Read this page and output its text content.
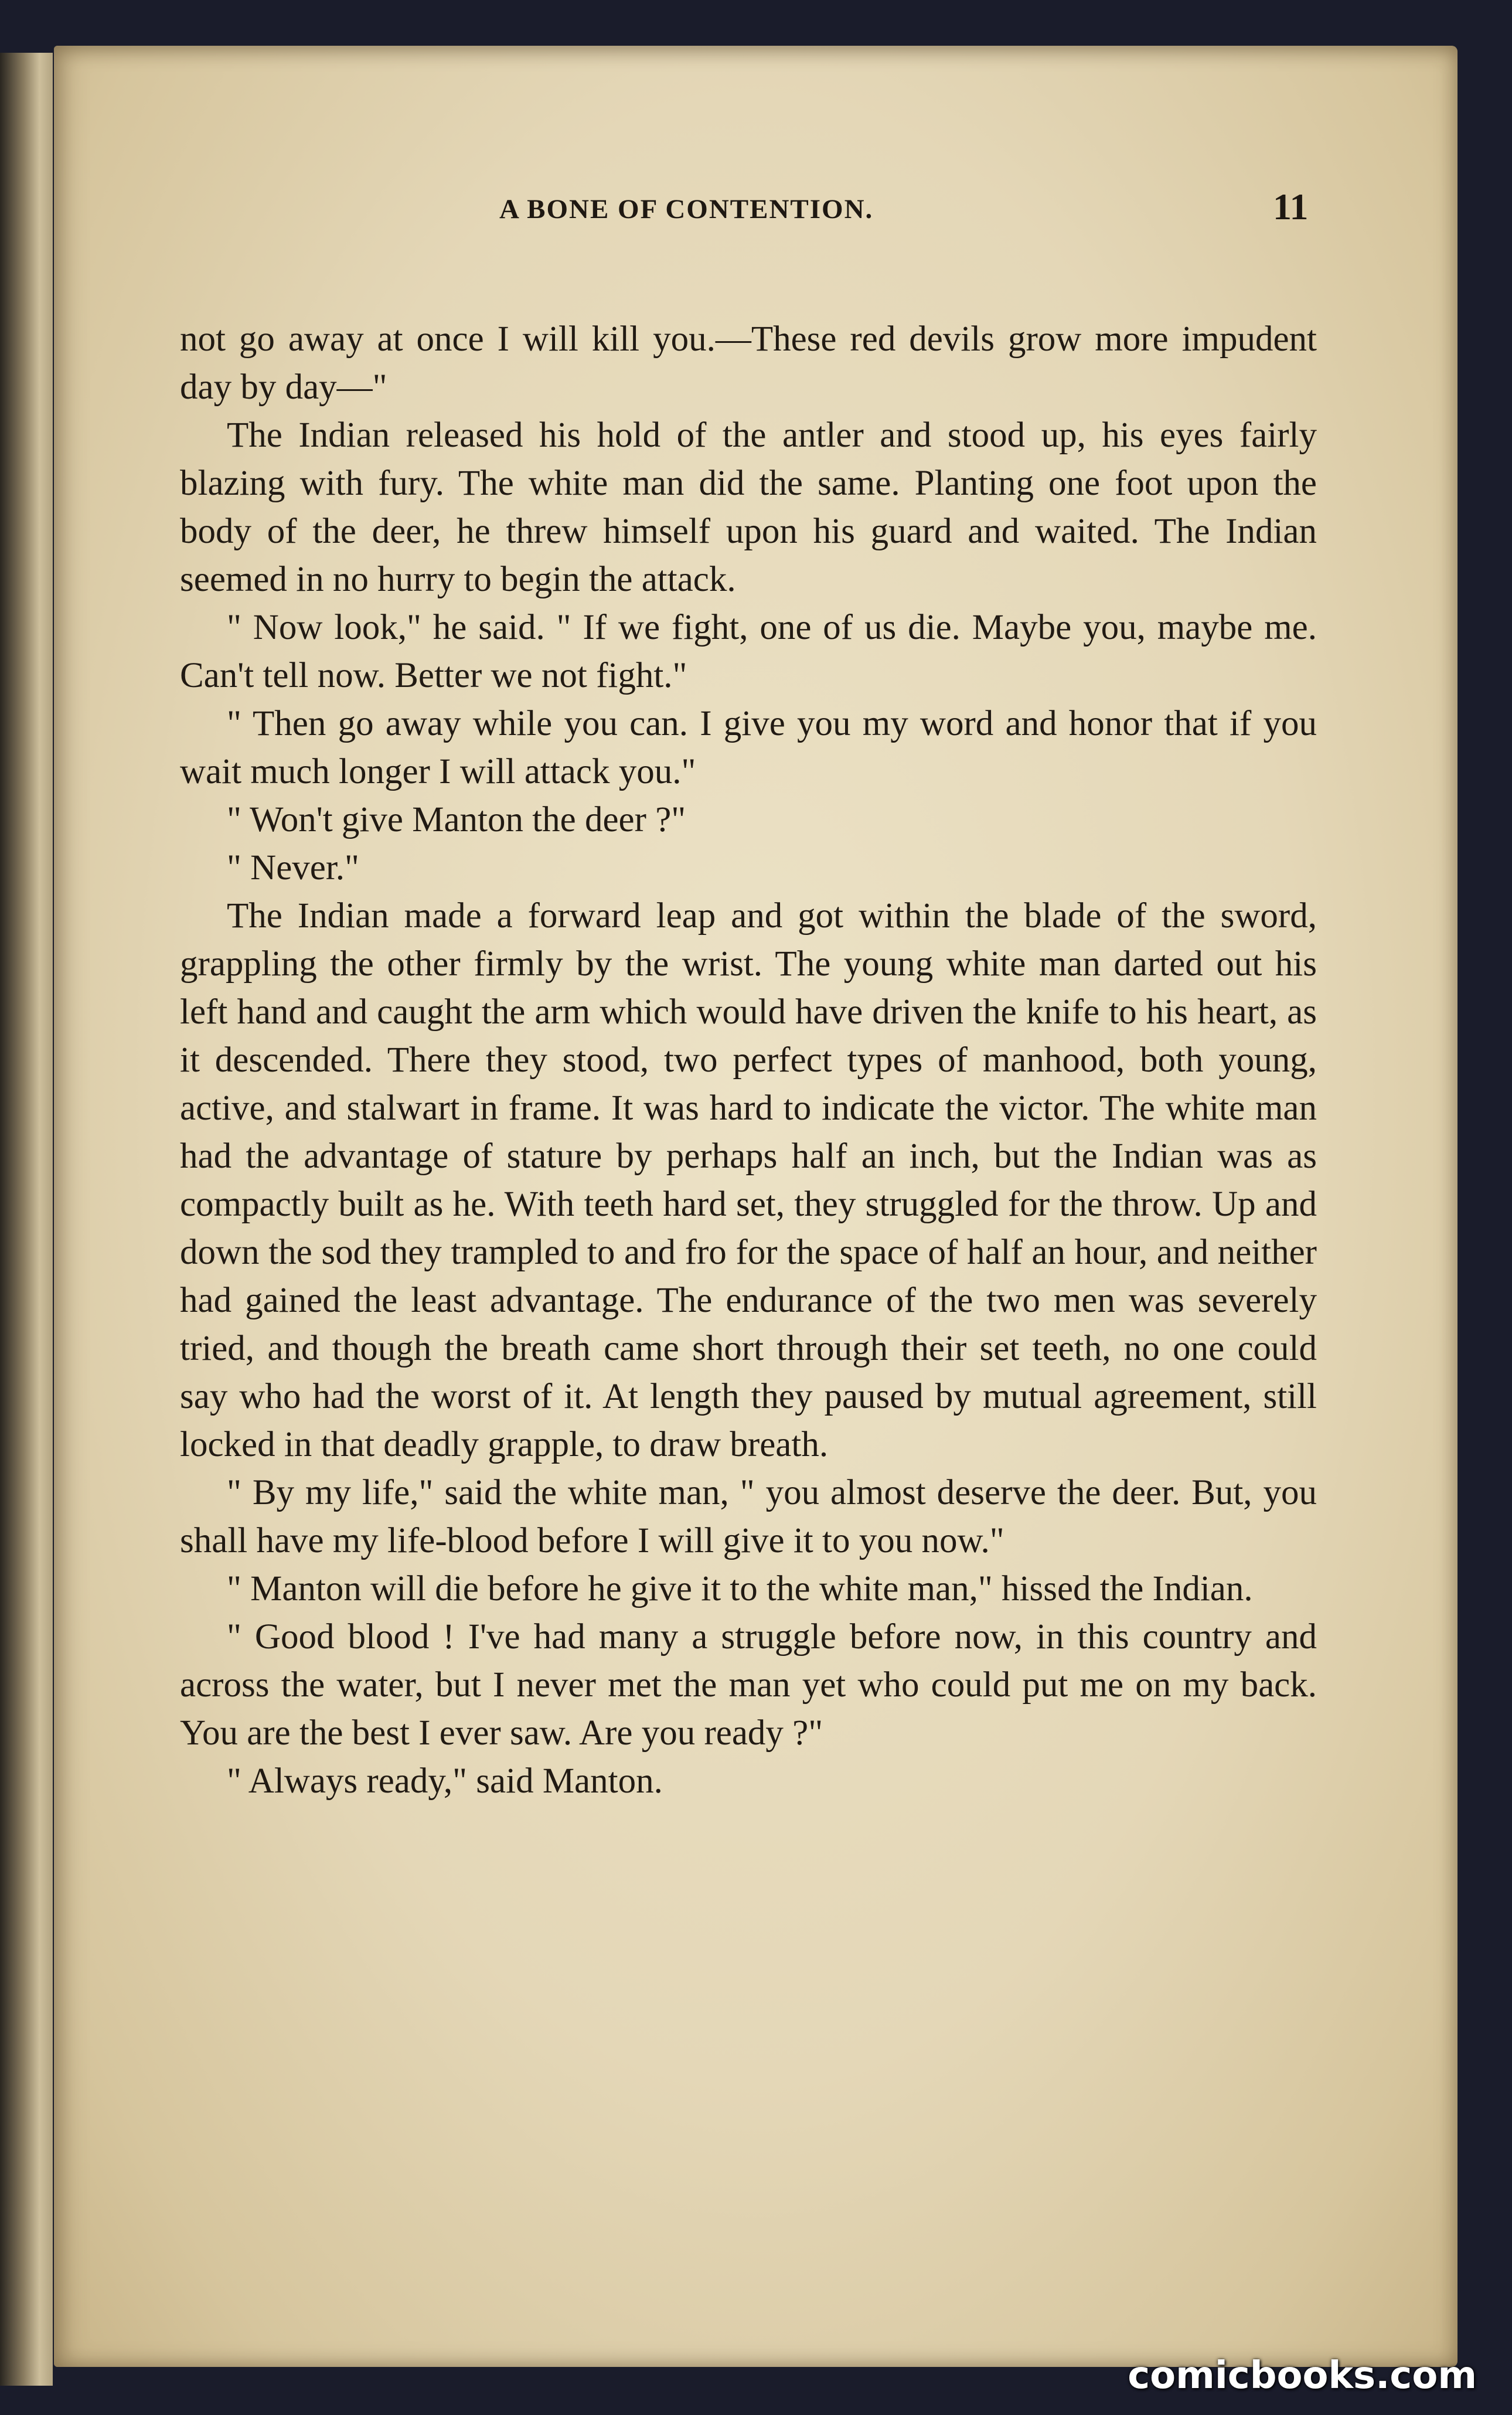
A BONE OF CONTENTION.	11

not go away at once I will kill you.—These red devils grow more impudent day by day—"

The Indian released his hold of the antler and stood up, his eyes fairly blazing with fury. The white man did the same. Planting one foot upon the body of the deer, he threw himself upon his guard and waited. The Indian seemed in no hurry to begin the attack.

" Now look," he said. " If we fight, one of us die. Maybe you, maybe me. Can't tell now. Better we not fight."

" Then go away while you can. I give you my word and honor that if you wait much longer I will attack you."

" Won't give Manton the deer ?"

" Never."

The Indian made a forward leap and got within the blade of the sword, grappling the other firmly by the wrist. The young white man darted out his left hand and caught the arm which would have driven the knife to his heart, as it descended. There they stood, two perfect types of manhood, both young, active, and stalwart in frame. It was hard to indicate the victor. The white man had the advantage of stature by perhaps half an inch, but the Indian was as compactly built as he. With teeth hard set, they struggled for the throw. Up and down the sod they trampled to and fro for the space of half an hour, and neither had gained the least advantage. The endurance of the two men was severely tried, and though the breath came short through their set teeth, no one could say who had the worst of it. At length they paused by mutual agreement, still locked in that deadly grapple, to draw breath.

" By my life," said the white man, " you almost deserve the deer. But, you shall have my life-blood before I will give it to you now."

" Manton will die before he give it to the white man," hissed the Indian.

" Good blood ! I've had many a struggle before now, in this country and across the water, but I never met the man yet who could put me on my back. You are the best I ever saw. Are you ready ?"

" Always ready," said Manton.

comicbooks.com
